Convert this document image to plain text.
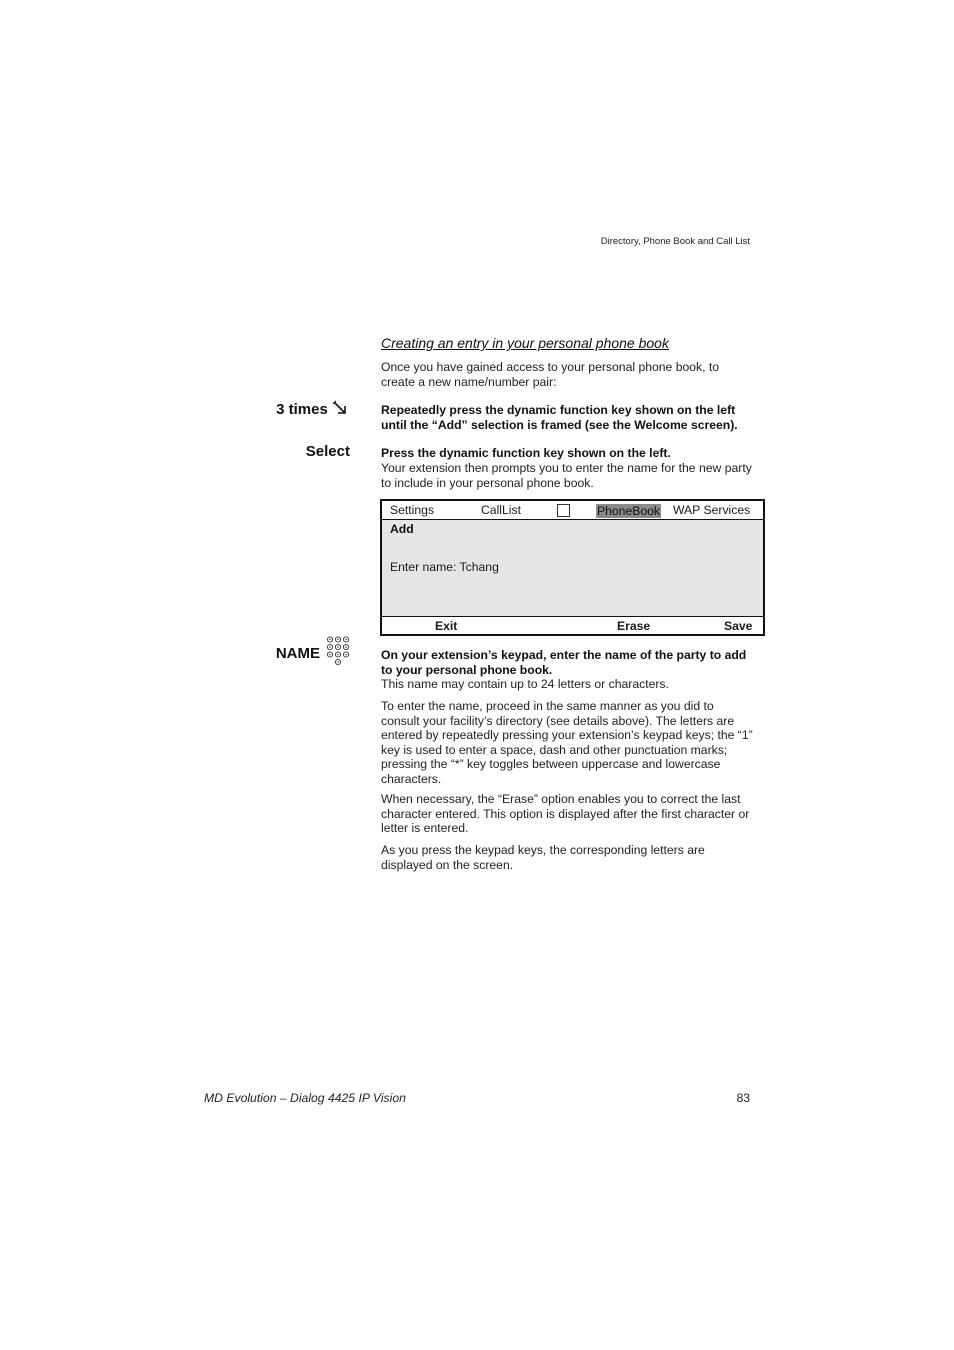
Directory, Phone Book and Call List
Creating an entry in your personal phone book
Once you have gained access to your personal phone book, to create a new name/number pair:
3 times	Repeatedly press the dynamic function key shown on the left until the “Add” selection is framed (see the Welcome screen).
Select	Press the dynamic function key shown on the left.
Your extension then prompts you to enter the name for the new party to include in your personal phone book.
Settings	CallList	PhoneBook WAP Services
Add
Enter name: Tchang
Exit	Erase	Save
NAME	On your extension’s keypad, enter the name of the party to add to your personal phone book.
This name may contain up to 24 letters or characters.
To enter the name, proceed in the same manner as you did to consult your facility’s directory (see details above). The letters are entered by repeatedly pressing your extension’s keypad keys; the “1” key is used to enter a space, dash and other punctuation marks; pressing the “*” key toggles between uppercase and lowercase characters.
When necessary, the “Erase” option enables you to correct the last character entered. This option is displayed after the first character or letter is entered.
As you press the keypad keys, the corresponding letters are displayed on the screen.
MD Evolution – Dialog 4425 IP Vision	83
